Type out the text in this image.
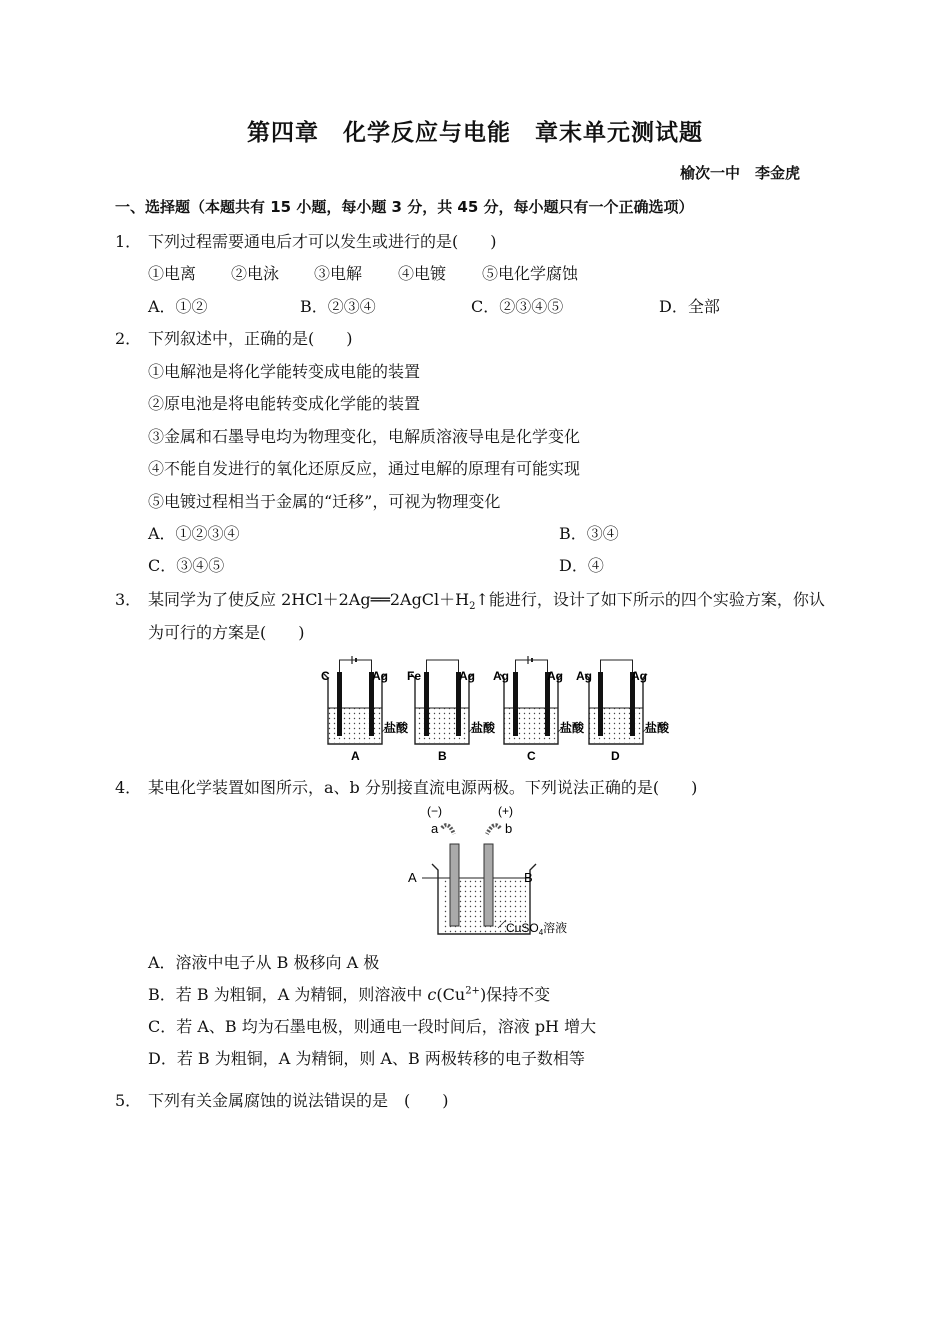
第四章　化学反应与电能　章末单元测试题
榆次一中　李金虎
一、选择题（本题共有 15 小题，每小题 3 分，共 45 分，每小题只有一个正确选项）
1． 下列过程需要通电后才可以发生或进行的是(　　)
①电离 ②电泳 ③电解 ④电镀 ⑤电化学腐蚀
A．①②	B．②③④	C．②③④⑤	D．全部
2． 下列叙述中，正确的是(　　)
①电解池是将化学能转变成电能的装置
②原电池是将电能转变成化学能的装置
③金属和石墨导电均为物理变化，电解质溶液导电是化学变化
④不能自发进行的氧化还原反应，通过电解的原理有可能实现
⑤电镀过程相当于金属的“迁移”，可视为物理变化
A．①②③④	B．③④
C．③④⑤	D．④
3． 某同学为了使反应 $2HCl+2Ag══2AgCl+H_2↑$能进行，设计了如下所示的四个实验方案，你认
为可行的方案是(　　)
C	Ag
盐酸
A
Fe	Ag
盐酸
B
Ag	Ag
盐酸
C
Ag	Ag
盐酸
D
4． 某电化学装置如图所示，a、b 分别接直流电源两极。下列说法正确的是(　　)
(−)	(+)
a	b
A	B
CuSO$_4$溶液
A．溶液中电子从 B 极移向 A 极
B．若 B 为粗铜，A 为精铜，则溶液中 $c(Cu^{2+})$保持不变
C．若 A、B 均为石墨电极，则通电一段时间后，溶液 pH 增大
D．若 B 为粗铜，A 为精铜，则 A、B 两极转移的电子数相等
5． 下列有关金属腐蚀的说法错误的是　(　　)
